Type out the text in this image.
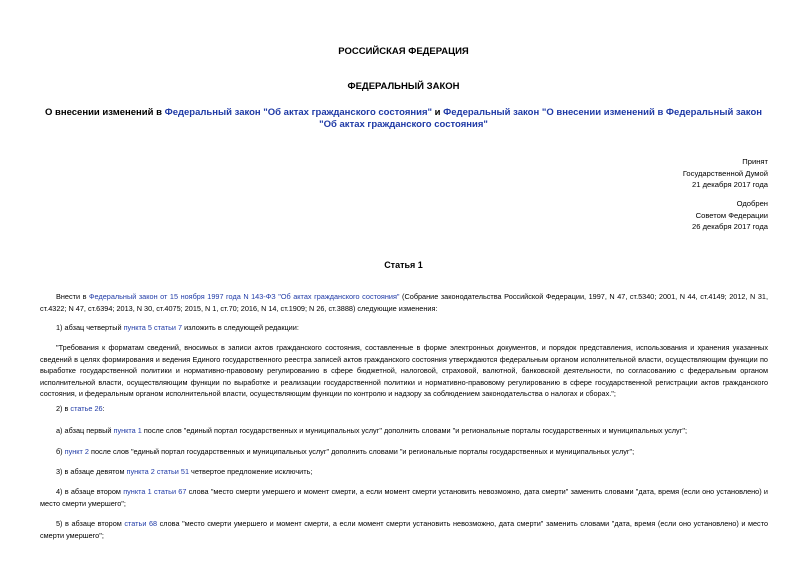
РОССИЙСКАЯ ФЕДЕРАЦИЯ
ФЕДЕРАЛЬНЫЙ ЗАКОН
О внесении изменений в Федеральный закон "Об актах гражданского состояния" и Федеральный закон "О внесении изменений в Федеральный закон "Об актах гражданского состояния"
Принят
Государственной Думой
21 декабря 2017 года
Одобрен
Советом Федерации
26 декабря 2017 года
Статья 1
Внести в Федеральный закон от 15 ноября 1997 года N 143-ФЗ "Об актах гражданского состояния" (Собрание законодательства Российской Федерации, 1997, N 47, ст.5340; 2001, N 44, ст.4149; 2012, N 31, ст.4322; N 47, ст.6394; 2013, N 30, ст.4075; 2015, N 1, ст.70; 2016, N 14, ст.1909; N 26, ст.3888) следующие изменения:
1) абзац четвертый пункта 5 статьи 7 изложить в следующей редакции:
"Требования к форматам сведений, вносимых в записи актов гражданского состояния, составленные в форме электронных документов, и порядок представления, использования и хранения указанных сведений в целях формирования и ведения Единого государственного реестра записей актов гражданского состояния утверждаются федеральным органом исполнительной власти, осуществляющим функции по выработке государственной политики и нормативно-правовому регулированию в сфере бюджетной, налоговой, страховой, валютной, банковской деятельности, по согласованию с федеральным органом исполнительной власти, осуществляющим функции по выработке и реализации государственной политики и нормативно-правовому регулированию в сфере государственной регистрации актов гражданского состояния, и федеральным органом исполнительной власти, осуществляющим функции по контролю и надзору за соблюдением законодательства о налогах и сборах.";
2) в статье 26:
а) абзац первый пункта 1 после слов "единый портал государственных и муниципальных услуг" дополнить словами "и региональные порталы государственных и муниципальных услуг";
б) пункт 2 после слов "единый портал государственных и муниципальных услуг" дополнить словами "и региональные порталы государственных и муниципальных услуг";
3) в абзаце девятом пункта 2 статьи 51 четвертое предложение исключить;
4) в абзаце втором пункта 1 статьи 67 слова "место смерти умершего и момент смерти, а если момент смерти установить невозможно, дата смерти" заменить словами "дата, время (если оно установлено) и место смерти умершего";
5) в абзаце втором статьи 68 слова "место смерти умершего и момент смерти, а если момент смерти установить невозможно, дата смерти" заменить словами "дата, время (если оно установлено) и место смерти умершего";
